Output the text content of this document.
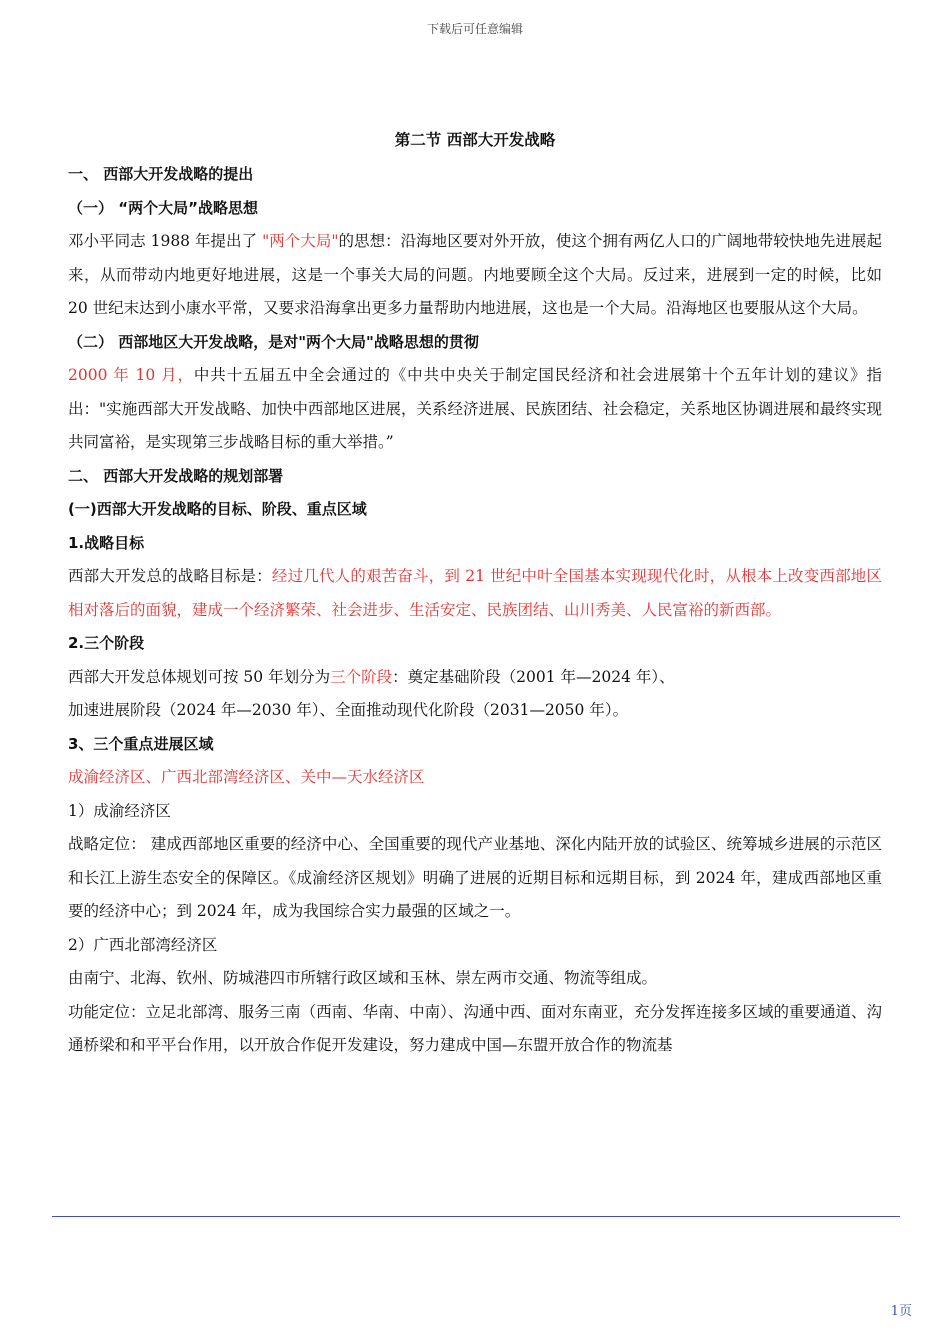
下载后可任意编辑
第二节 西部大开发战略
一、 西部大开发战略的提出
（一） “两个大局”战略思想
邓小平同志 1988 年提出了 "两个大局"的思想：沿海地区要对外开放，使这个拥有两亿人口的广阔地带较快地先进展起来，从而带动内地更好地进展，这是一个事关大局的问题。内地要顾全这个大局。反过来，进展到一定的时候，比如 20 世纪末达到小康水平常，又要求沿海拿出更多力量帮助内地进展，这也是一个大局。沿海地区也要服从这个大局。
（二） 西部地区大开发战略，是对"两个大局"战略思想的贯彻
2000 年 10 月，中共十五届五中全会通过的《中共中央关于制定国民经济和社会进展第十个五年计划的建议》指出："实施西部大开发战略、加快中西部地区进展，关系经济进展、民族团结、社会稳定，关系地区协调进展和最终实现共同富裕，是实现第三步战略目标的重大举措。”
二、 西部大开发战略的规划部署
(一)西部大开发战略的目标、阶段、重点区域
1.战略目标
西部大开发总的战略目标是：经过几代人的艰苦奋斗，到 21 世纪中叶全国基本实现现代化时，从根本上改变西部地区相对落后的面貌，建成一个经济繁荣、社会进步、生活安定、民族团结、山川秀美、人民富裕的新西部。
2.三个阶段
西部大开发总体规划可按 50 年划分为三个阶段：奠定基础阶段（2001 年—2024 年）、
加速进展阶段（2024 年—2030 年）、全面推动现代化阶段（2031—2050 年）。
3、三个重点进展区域
成渝经济区、广西北部湾经济区、关中—天水经济区
1）成渝经济区
战略定位： 建成西部地区重要的经济中心、全国重要的现代产业基地、深化内陆开放的试验区、统筹城乡进展的示范区和长江上游生态安全的保障区。《成渝经济区规划》明确了进展的近期目标和远期目标，到 2024 年，建成西部地区重要的经济中心；到 2024 年，成为我国综合实力最强的区域之一。
2）广西北部湾经济区
由南宁、北海、钦州、防城港四市所辖行政区域和玉林、崇左两市交通、物流等组成。
功能定位：立足北部湾、服务三南（西南、华南、中南）、沟通中西、面对东南亚，充分发挥连接多区域的重要通道、沟通桥梁和和平平台作用，以开放合作促开发建设，努力建成中国—东盟开放合作的物流基
1页
